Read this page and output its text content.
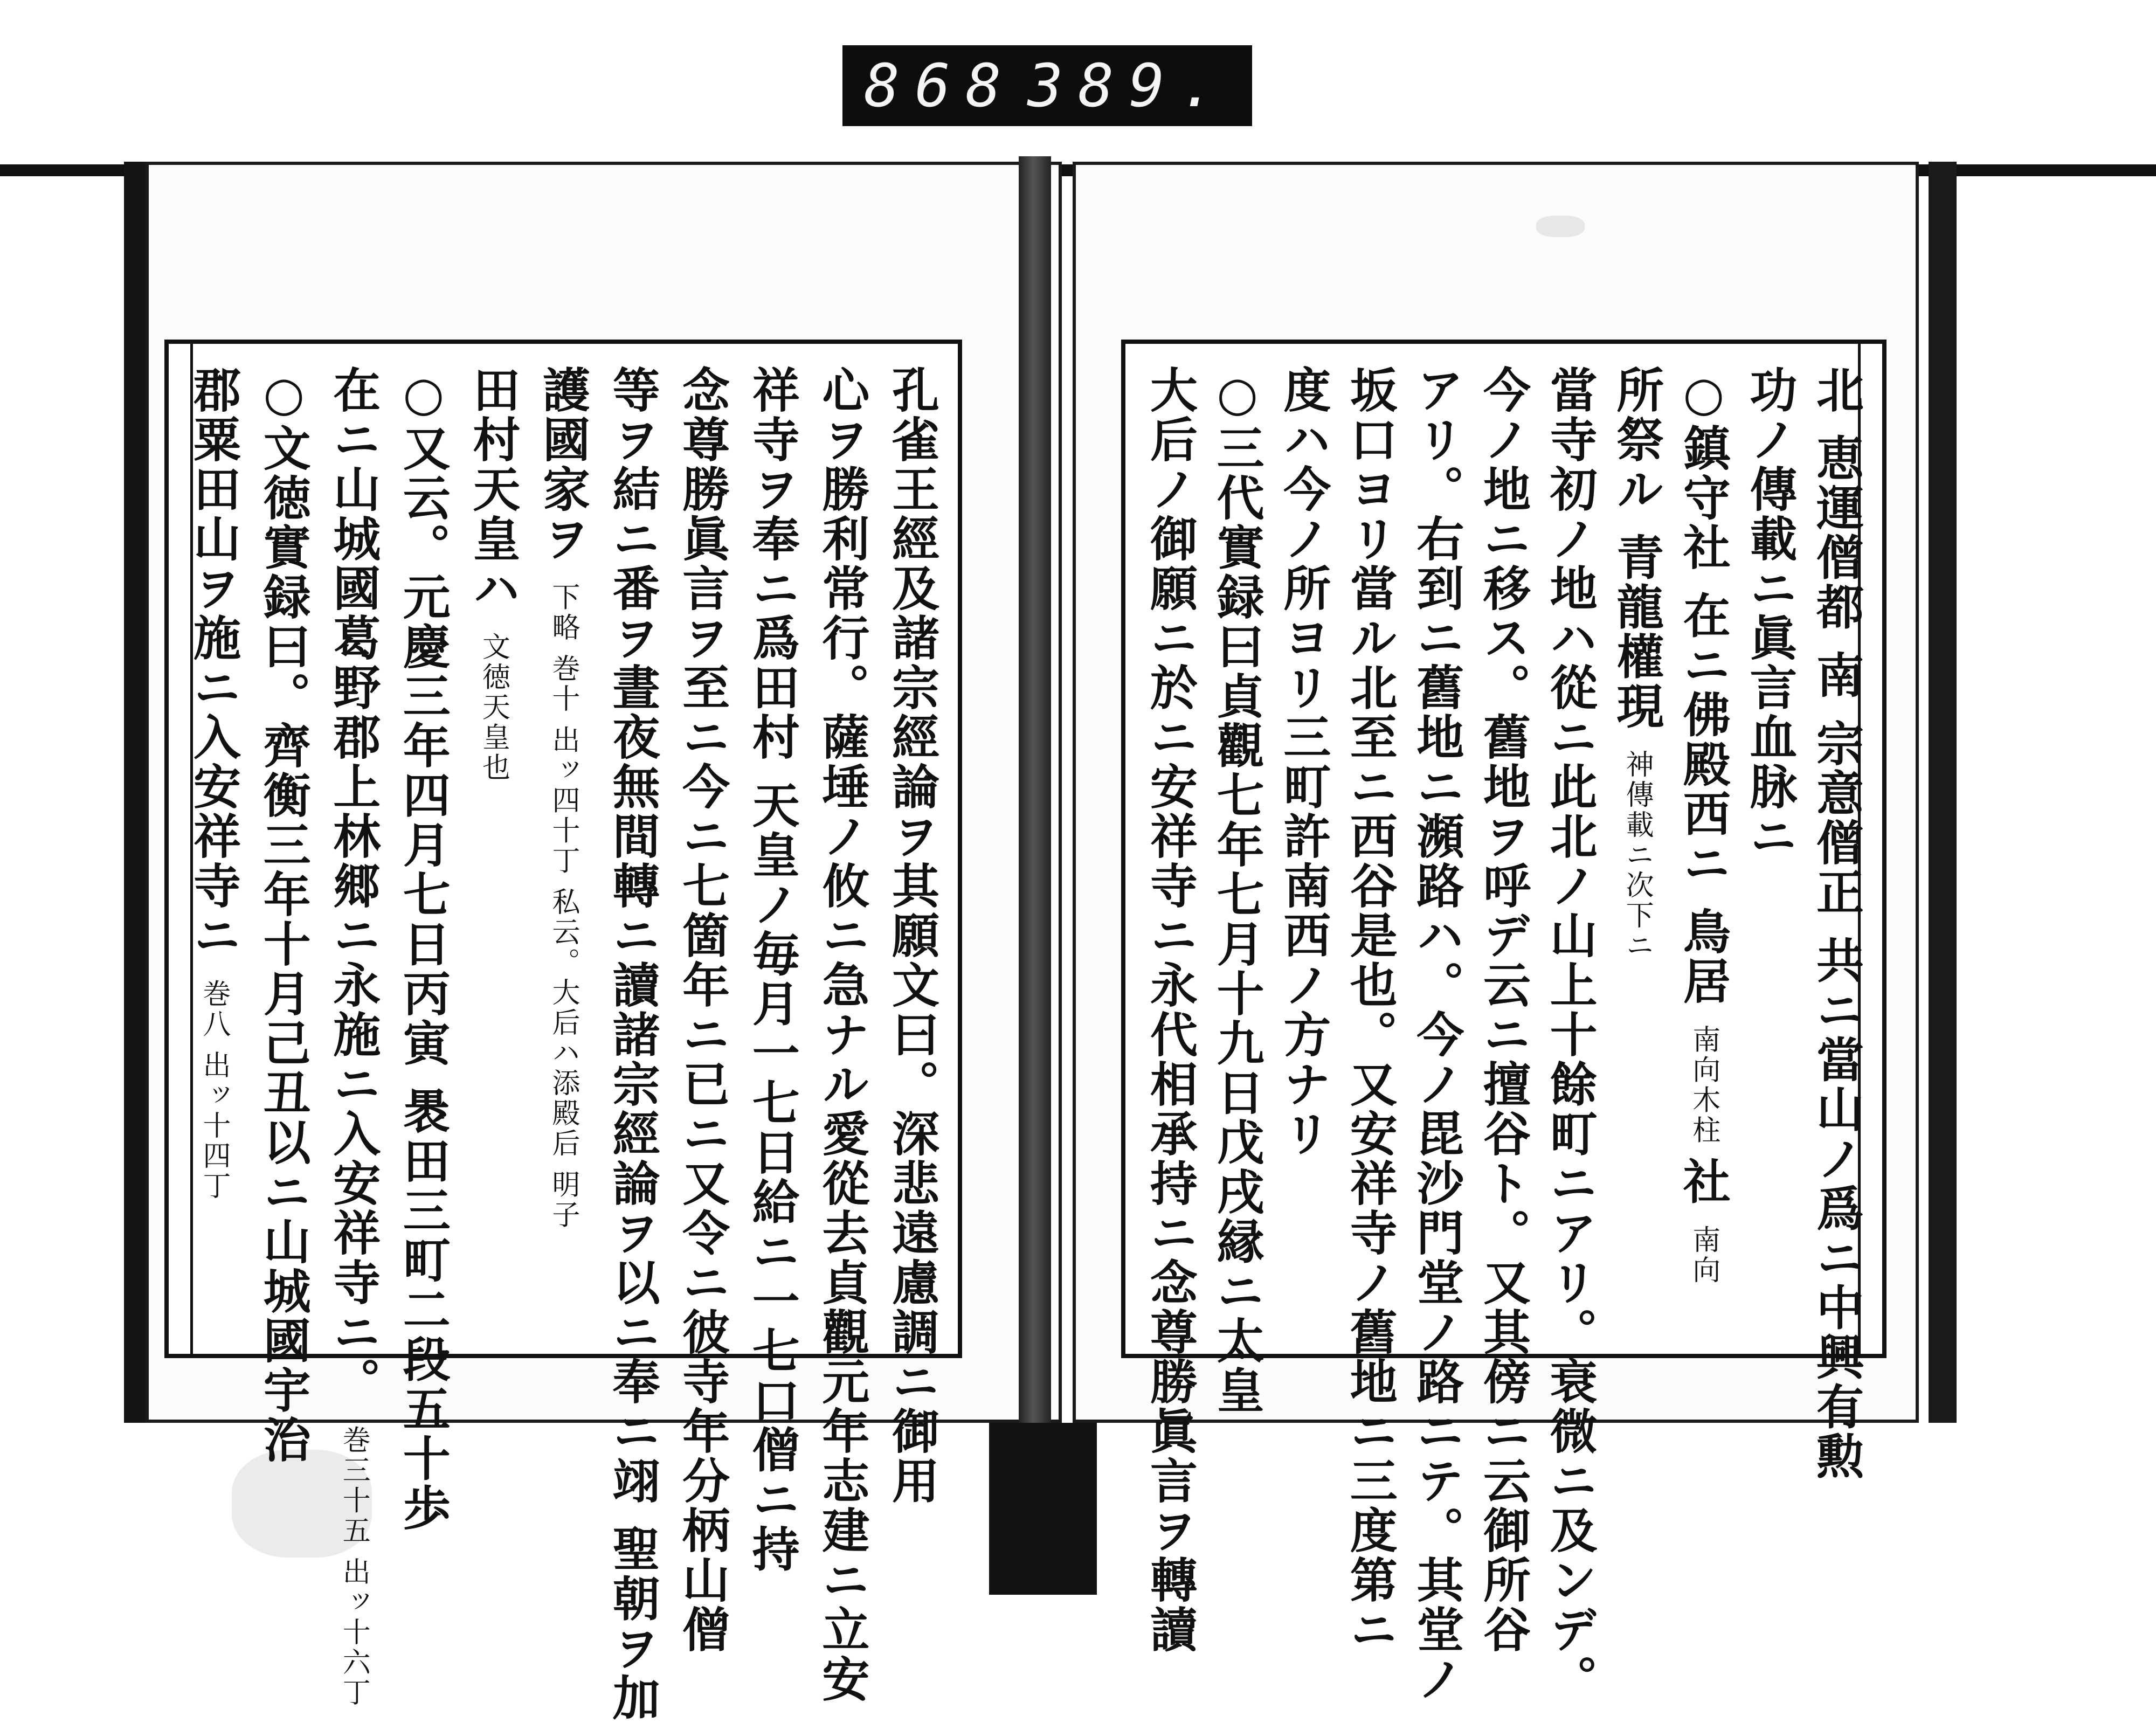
868 389.
北 恵運僧都 南 宗意僧正 共ニ當山ノ爲ニ中興有勲
功ノ傳載ニ眞言血脉ニ
○鎮守社 在ニ佛殿西ニ 鳥居 南向木柱 社 南向
所祭ル 青龍權現 神傳載ニ次下ニ
當寺初ノ地ハ從ニ此北ノ山上十餘町ニアリ。衰微ニ及ンデ。
今ノ地ニ移ス。舊地ヲ呼デ云ニ擅谷ト。又其傍ニ云御所谷
アリ。右到ニ舊地ニ瀕路ハ。今ノ毘沙門堂ノ路ニテ。其堂ノ
坂口ヨリ當ル北至ニ西谷是也。又安祥寺ノ舊地ニ三度第ニ
度ハ今ノ所ヨリ三町許南西ノ方ナリ
○三代實録曰貞觀七年七月十九日戊戌縁ニ太皇
大后ノ御願ニ於ニ安祥寺ニ永代相承持ニ念尊勝眞言ヲ轉讀
孔雀王經及諸宗經論ヲ其願文曰。深悲遠慮調ニ御用
心ヲ勝利常行。薩埵ノ攸ニ急ナル愛從去貞觀元年志建ニ立安
祥寺ヲ奉ニ爲田村 天皇ノ毎月一七日給ニ一七口僧ニ持
念尊勝眞言ヲ至ニ今ニ七箇年ニ已ニ又令ニ彼寺年分柄山僧
等ヲ結ニ番ヲ晝夜無間轉ニ讀諸宗經論ヲ以ニ奉ニ翊 聖朝ヲ加
護國家ヲ 下略 巻十 出ッ四十丁 私云。大后ハ添殿后 明子
田村天皇ハ 文徳天皇也
○又云。元慶三年四月七日丙寅 褁田三町二段五十歩
在ニ山城國葛野郡上林郷ニ永施ニ入安祥寺ニ。 巻三十五 出ッ十六丁
○文徳實録曰。齊衡三年十月己丑以ニ山城國宇治
郡粟田山ヲ施ニ入安祥寺ニ 巻八 出ッ十四丁
